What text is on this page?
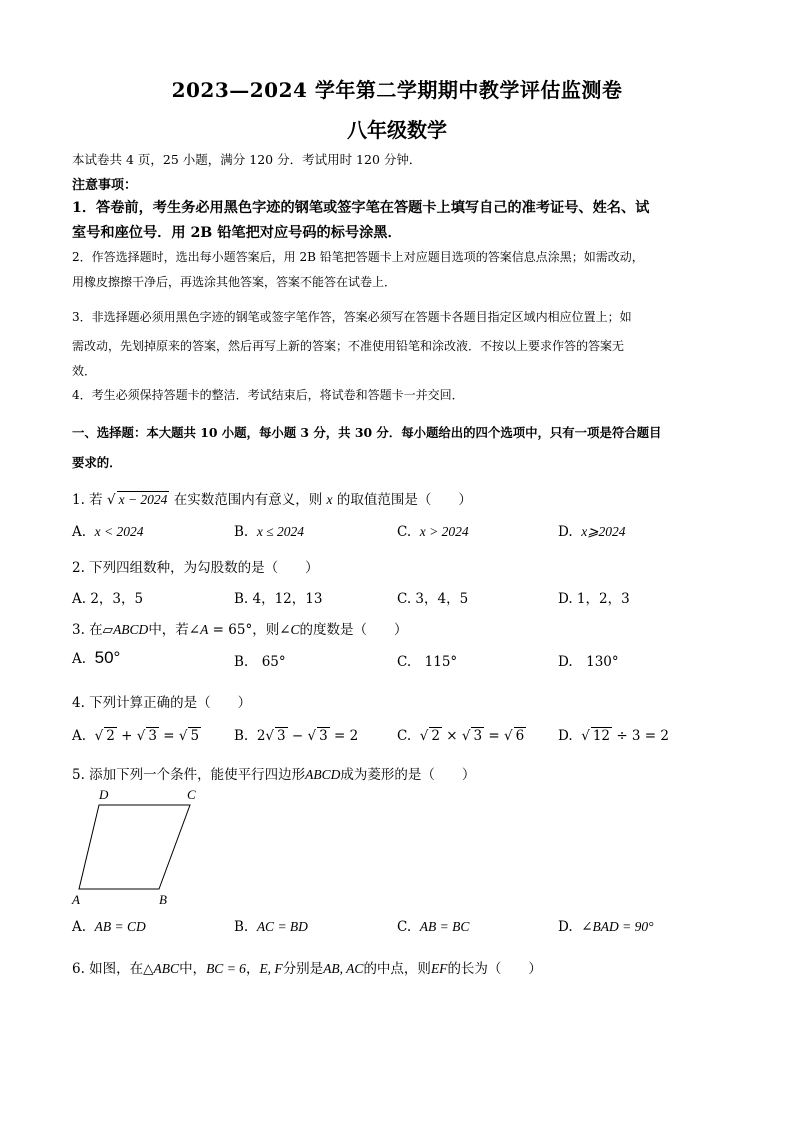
2023—2024 学年第二学期期中教学评估监测卷
八年级数学
本试卷共 4 页，25 小题，满分 120 分．考试用时 120 分钟．
注意事项：
1．答卷前，考生务必用黑色字迹的钢笔或签字笔在答题卡上填写自己的准考证号、姓名、试
室号和座位号．用 2B 铅笔把对应号码的标号涂黑．
2．作答选择题时，选出每小题答案后，用 2B 铅笔把答题卡上对应题目选项的答案信息点涂黑；如需改动，
用橡皮擦擦干净后，再选涂其他答案，答案不能答在试卷上．
3．非选择题必须用黑色字迹的钢笔或签字笔作答，答案必须写在答题卡各题目指定区域内相应位置上；如
需改动，先划掉原来的答案，然后再写上新的答案；不准使用铅笔和涂改液．不按以上要求作答的答案无
效．
4．考生必须保持答题卡的整洁．考试结束后，将试卷和答题卡一并交回．
一、选择题：本大题共 10 小题，每小题 3 分，共 30 分．每小题给出的四个选项中，只有一项是符合题目
要求的．
1. 若 √ x − 2024 在实数范围内有意义，则 x 的取值范围是（　　）
A. x < 2024	B. x ≤ 2024	C. x > 2024	D. x⩾2024
2. 下列四组数种，为勾股数的是（　　）
A. 2，3，5	B. 4，12，13	C. 3，4，5	D. 1，2，3
3. 在▱ABCD中，若∠A = 65°，则∠C的度数是（　　）
A. 50°	B.　65°	C.　115°	D.　130°
4. 下列计算正确的是（　　）
A. √ 2 + √ 3 = √ 5	B. 2√ 3 − √ 3 = 2	C. √ 2 × √ 3 = √ 6	D. √ 12 ÷ 3 = 2
5. 添加下列一个条件，能使平行四边形ABCD成为菱形的是（　　）
D	C
A	B
A. AB = CD	B. AC = BD	C. AB = BC	D. ∠BAD = 90°
6. 如图，在△ABC中，BC = 6，E, F分别是AB, AC的中点，则EF的长为（　　）
